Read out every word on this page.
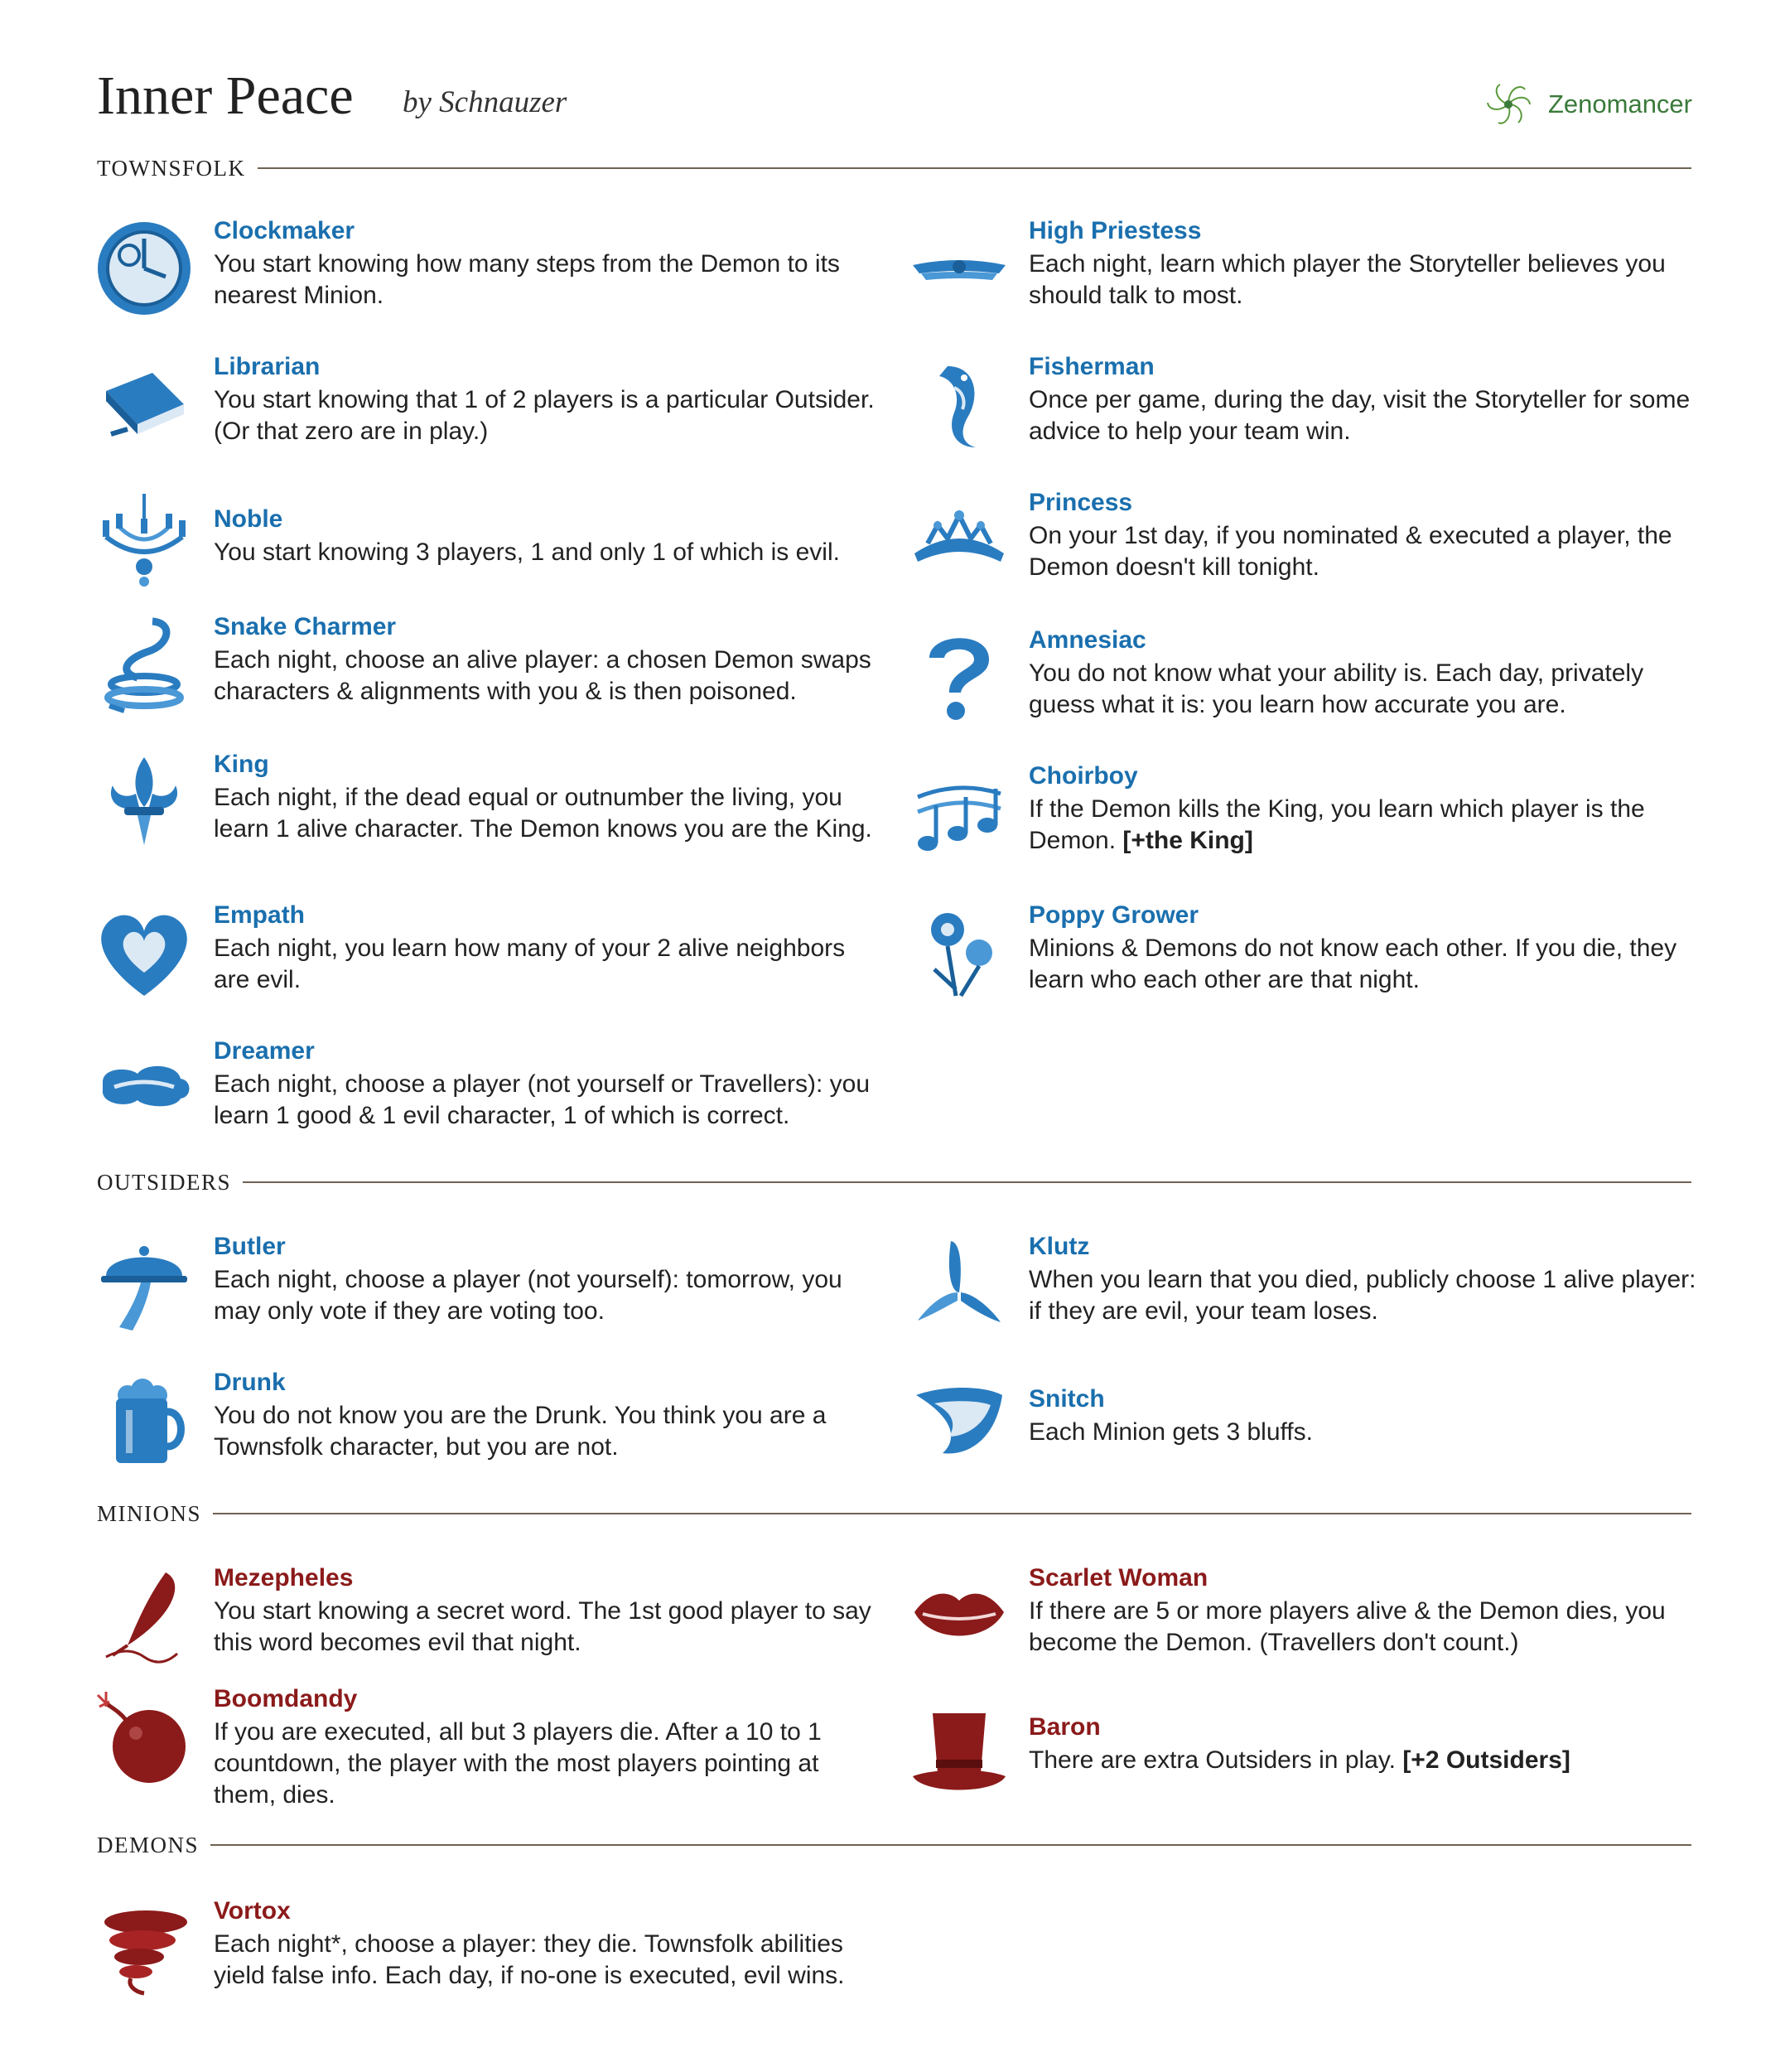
Inner Peace by Schnauzer	Zenomancer
TOWNSFOLK

Clockmaker

You start knowing how many steps from the Demon to its nearest Minion.

High Priestess

Each night, learn which player the Storyteller believes you should talk to most.

Librarian

You start knowing that 1 of 2 players is a particular Outsider. (Or that zero are in play.)

Fisherman

Once per game, during the day, visit the Storyteller for some advice to help your team win.

Noble

You start knowing 3 players, 1 and only 1 of which is evil.

Princess

On your 1st day, if you nominated & executed a player, the Demon doesn't kill tonight.

Snake Charmer

Each night, choose an alive player: a chosen Demon swaps characters & alignments with you & is then poisoned.

Amnesiac

You do not know what your ability is. Each day, privately guess what it is: you learn how accurate you are.

King

Each night, if the dead equal or outnumber the living, you learn 1 alive character. The Demon knows you are the King.

Choirboy

If the Demon kills the King, you learn which player is the Demon. [+the King]

Empath

Each night, you learn how many of your 2 alive neighbors are evil.

Poppy Grower

Minions & Demons do not know each other. If you die, they learn who each other are that night.

Dreamer

Each night, choose a player (not yourself or Travellers): you learn 1 good & 1 evil character, 1 of which is correct.

OUTSIDERS

Butler

Each night, choose a player (not yourself): tomorrow, you may only vote if they are voting too.

Klutz

When you learn that you died, publicly choose 1 alive player: if they are evil, your team loses.

Drunk

You do not know you are the Drunk. You think you are a Townsfolk character, but you are not.

Snitch

Each Minion gets 3 bluffs.

MINIONS

Mezepheles

You start knowing a secret word. The 1st good player to say this word becomes evil that night.

Scarlet Woman

If there are 5 or more players alive & the Demon dies, you become the Demon. (Travellers don't count.)

Boomdandy

If you are executed, all but 3 players die. After a 10 to 1 countdown, the player with the most players pointing at them, dies.

Baron

There are extra Outsiders in play. [+2 Outsiders]

DEMONS

Vortox

Each night*, choose a player: they die. Townsfolk abilities yield false info. Each day, if no-one is executed, evil wins.
